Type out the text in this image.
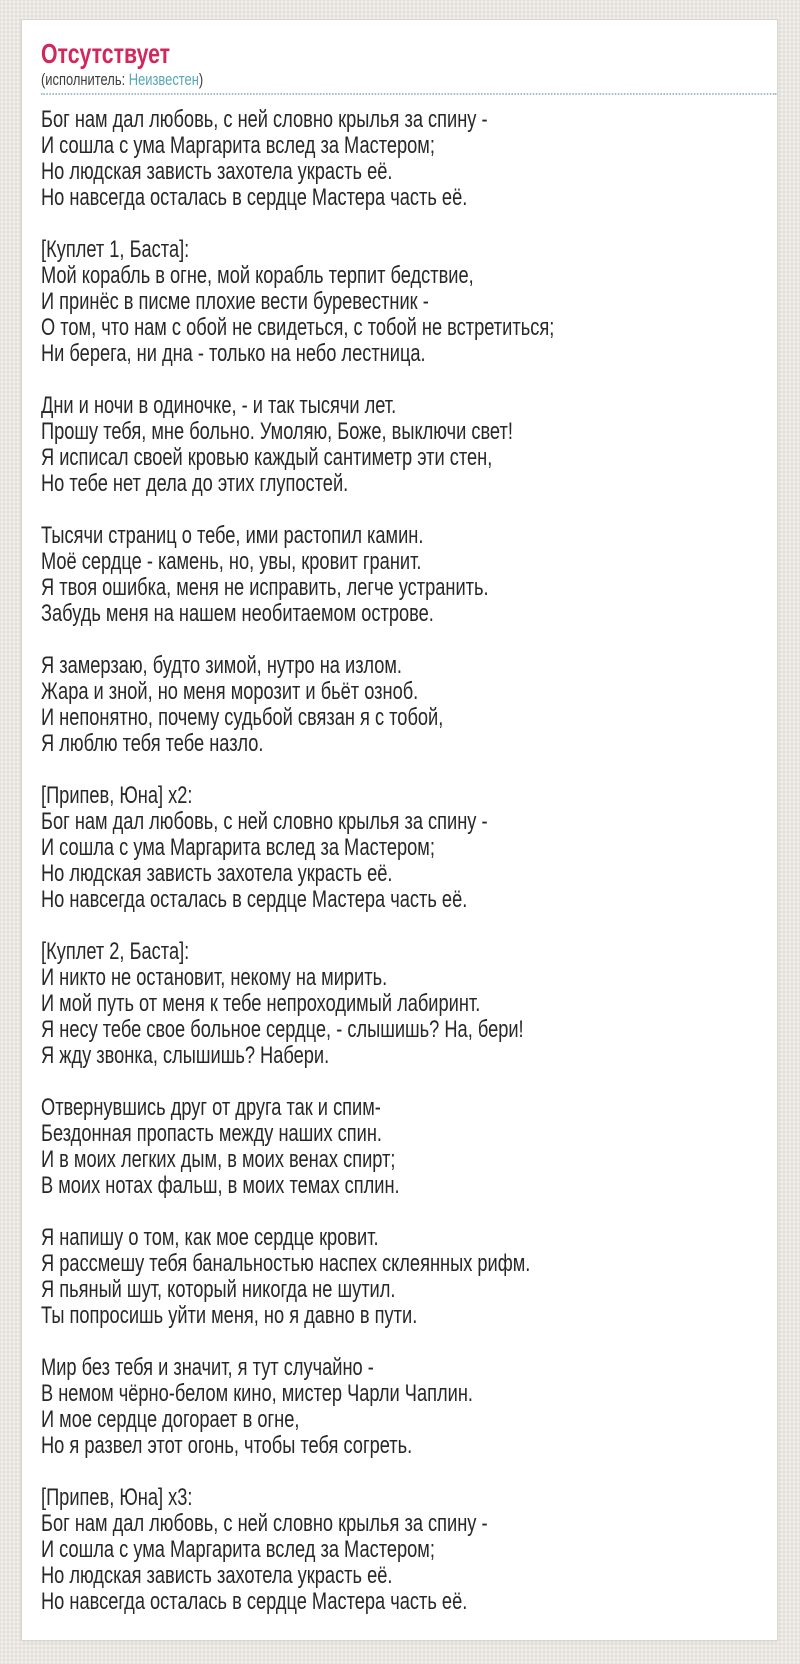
Отсутствует
(исполнитель: Неизвестен)
Бог нам дал любовь, с ней словно крылья за спину -
И сошла с ума Маргарита вслед за Мастером;
Но людская зависть захотела украсть её.
Но навсегда осталась в сердце Мастера часть её.

[Куплет 1, Баста]:
Мой корабль в огне, мой корабль терпит бедствие,
И принёс в писме плохие вести буревестник -
О том, что нам с обой не свидеться, с тобой не встретиться;
Ни берега, ни дна - только на небо лестница.

Дни и ночи в одиночке, - и так тысячи лет.
Прошу тебя, мне больно. Умоляю, Боже, выключи свет!
Я исписал своей кровью каждый сантиметр эти стен,
Но тебе нет дела до этих глупостей.

Тысячи страниц о тебе, ими растопил камин.
Моё сердце - камень, но, увы, кровит гранит.
Я твоя ошибка, меня не исправить, легче устранить.
Забудь меня на нашем необитаемом острове.

Я замерзаю, будто зимой, нутро на излом.
Жара и зной, но меня морозит и бьёт озноб.
И непонятно, почему судьбой связан я с тобой,
Я люблю тебя тебе назло.

[Припев, Юна] x2:
Бог нам дал любовь, с ней словно крылья за спину -
И сошла с ума Маргарита вслед за Мастером;
Но людская зависть захотела украсть её.
Но навсегда осталась в сердце Мастера часть её.

[Куплет 2, Баста]:
И никто не остановит, некому на мирить.
И мой путь от меня к тебе непроходимый лабиринт.
Я несу тебе свое больное сердце, - слышишь? На, бери!
Я жду звонка, слышишь? Набери.

Отвернувшись друг от друга так и спим-
Бездонная пропасть между наших спин.
И в моих легких дым, в моих венах спирт;
В моих нотах фальш, в моих темах сплин.

Я напишу о том, как мое сердце кровит.
Я рассмешу тебя банальностью наспех склеянных рифм.
Я пьяный шут, который никогда не шутил.
Ты попросишь уйти меня, но я давно в пути.

Мир без тебя и значит, я тут случайно -
В немом чёрно-белом кино, мистер Чарли Чаплин.
И мое сердце догорает в огне,
Но я развел этот огонь, чтобы тебя согреть.

[Припев, Юна] x3:
Бог нам дал любовь, с ней словно крылья за спину -
И сошла с ума Маргарита вслед за Мастером;
Но людская зависть захотела украсть её.
Но навсегда осталась в сердце Мастера часть её.
